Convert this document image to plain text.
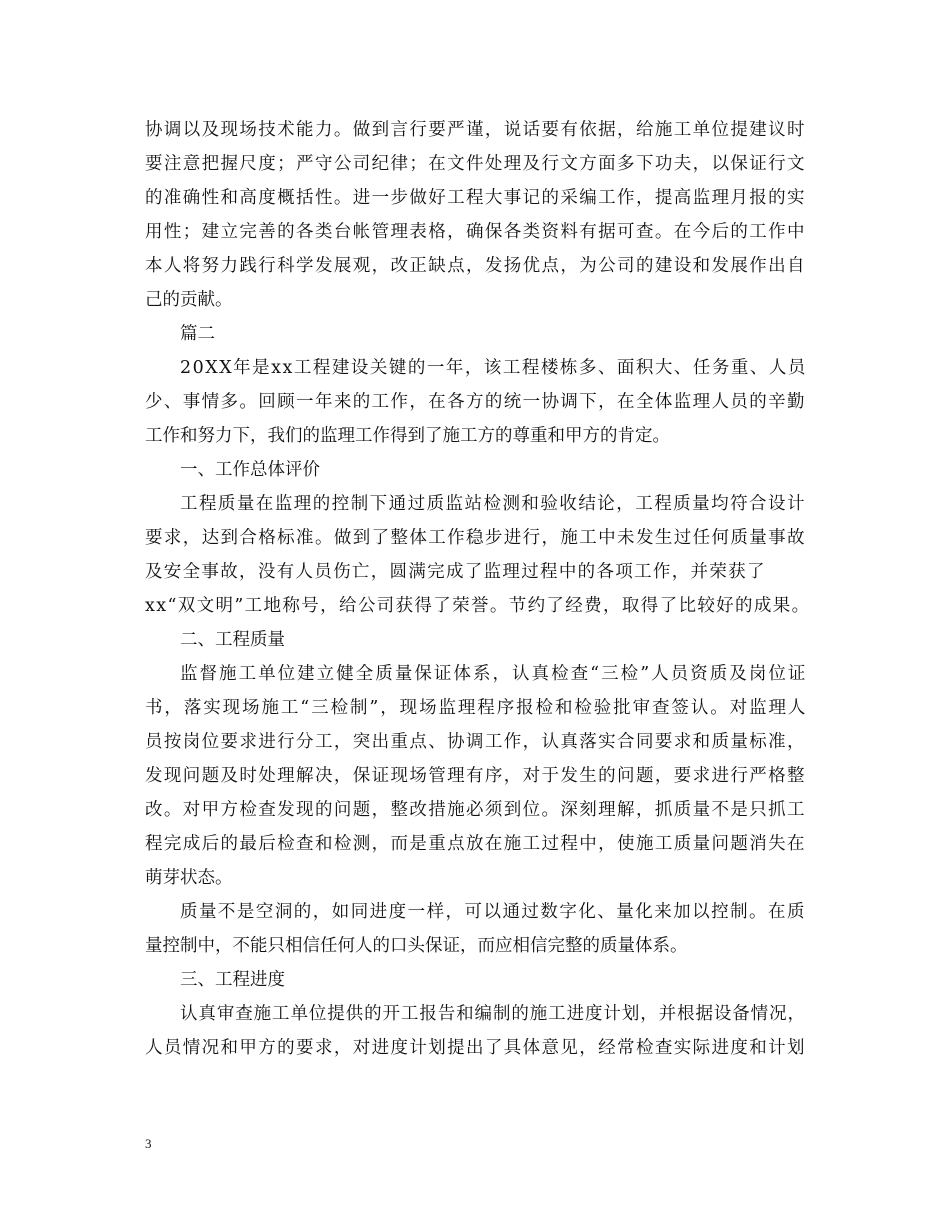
协调以及现场技术能力。做到言行要严谨，说话要有依据，给施工单位提建议时
要注意把握尺度；严守公司纪律；在文件处理及行文方面多下功夫，以保证行文
的准确性和高度概括性。进一步做好工程大事记的采编工作，提高监理月报的实
用性；建立完善的各类台帐管理表格，确保各类资料有据可查。在今后的工作中
本人将努力践行科学发展观，改正缺点，发扬优点，为公司的建设和发展作出自
己的贡献。
篇二
20XX年是xx工程建设关键的一年，该工程楼栋多、面积大、任务重、人员
少、事情多。回顾一年来的工作，在各方的统一协调下，在全体监理人员的辛勤
工作和努力下，我们的监理工作得到了施工方的尊重和甲方的肯定。
一、工作总体评价
工程质量在监理的控制下通过质监站检测和验收结论，工程质量均符合设计
要求，达到合格标准。做到了整体工作稳步进行，施工中未发生过任何质量事故
及安全事故，没有人员伤亡，圆满完成了监理过程中的各项工作，并荣获了
xx“双文明”工地称号，给公司获得了荣誉。节约了经费，取得了比较好的成果。
二、工程质量
监督施工单位建立健全质量保证体系，认真检查“三检”人员资质及岗位证
书，落实现场施工“三检制”，现场监理程序报检和检验批审查签认。对监理人
员按岗位要求进行分工，突出重点、协调工作，认真落实合同要求和质量标准，
发现问题及时处理解决，保证现场管理有序，对于发生的问题，要求进行严格整
改。对甲方检查发现的问题，整改措施必须到位。深刻理解，抓质量不是只抓工
程完成后的最后检查和检测，而是重点放在施工过程中，使施工质量问题消失在
萌芽状态。
质量不是空洞的，如同进度一样，可以通过数字化、量化来加以控制。在质
量控制中，不能只相信任何人的口头保证，而应相信完整的质量体系。
三、工程进度
认真审查施工单位提供的开工报告和编制的施工进度计划，并根据设备情况，
人员情况和甲方的要求，对进度计划提出了具体意见，经常检查实际进度和计划
3
